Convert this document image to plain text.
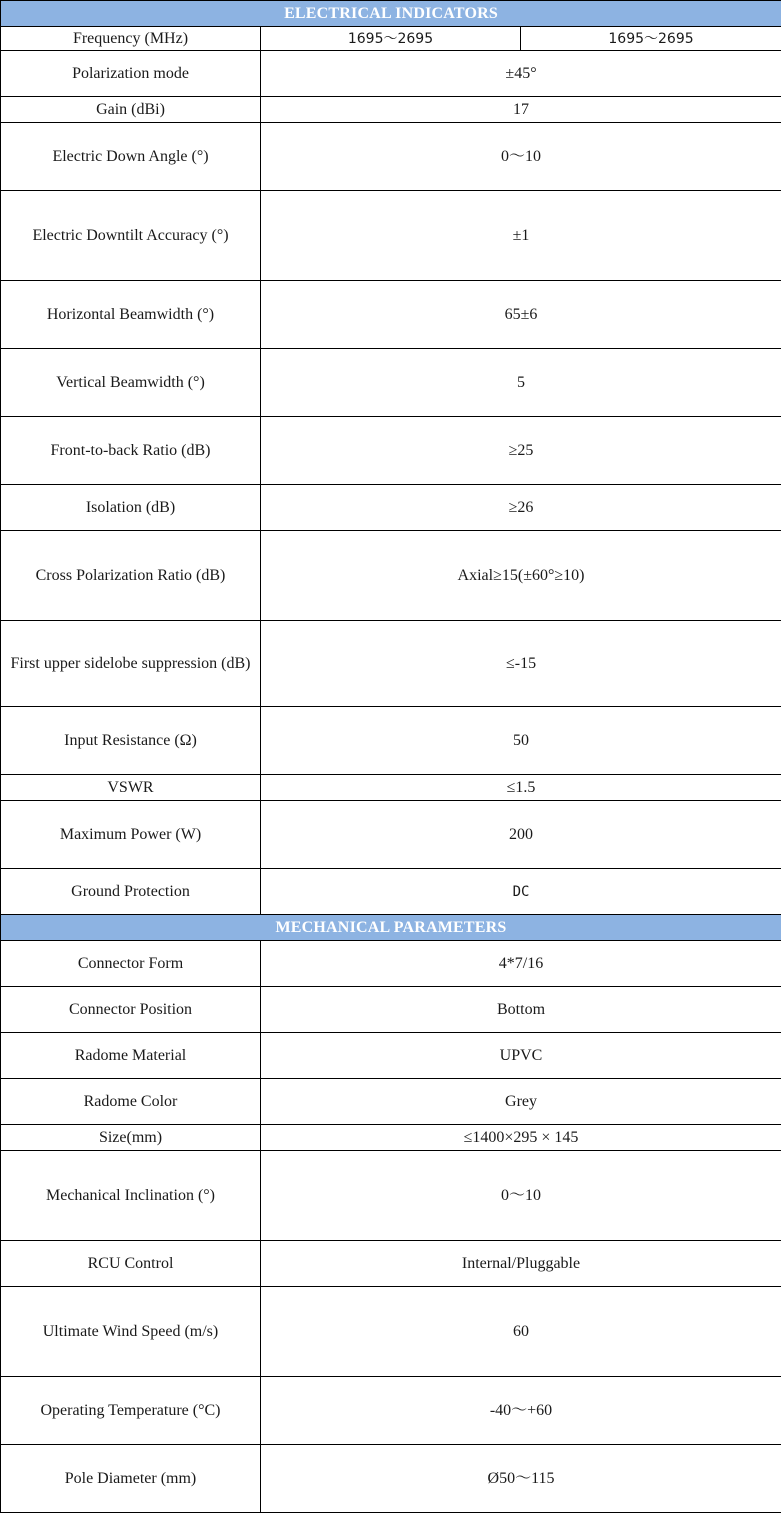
ELECTRICAL INDICATORS		
Frequency (MHz)	1695～2695	1695～2695
Polarization mode	±45°	
Gain (dBi)	17	
Electric Down Angle (°)	0～10	
Electric Downtilt Accuracy (°)	±1	
Horizontal Beamwidth (°)	65±6	
Vertical Beamwidth (°)	5	
Front-to-back Ratio (dB)	≥25	
Isolation (dB)	≥26	
Cross Polarization Ratio (dB)	Axial≥15(±60°≥10)	
First upper sidelobe suppression (dB)	≤-15	
Input Resistance (Ω)	50	
VSWR	≤1.5	
Maximum Power (W)	200	
Ground Protection	DC	
MECHANICAL PARAMETERS		
Connector Form	4*7/16	
Connector Position	Bottom	
Radome Material	UPVC	
Radome Color	Grey	
Size(mm)	≤1400×295 × 145	
Mechanical Inclination (°)	0～10	
RCU Control	Internal/Pluggable	
Ultimate Wind Speed (m/s)	60	
Operating Temperature (°C)	-40～+60	
Pole Diameter (mm)	Ø50～115	
